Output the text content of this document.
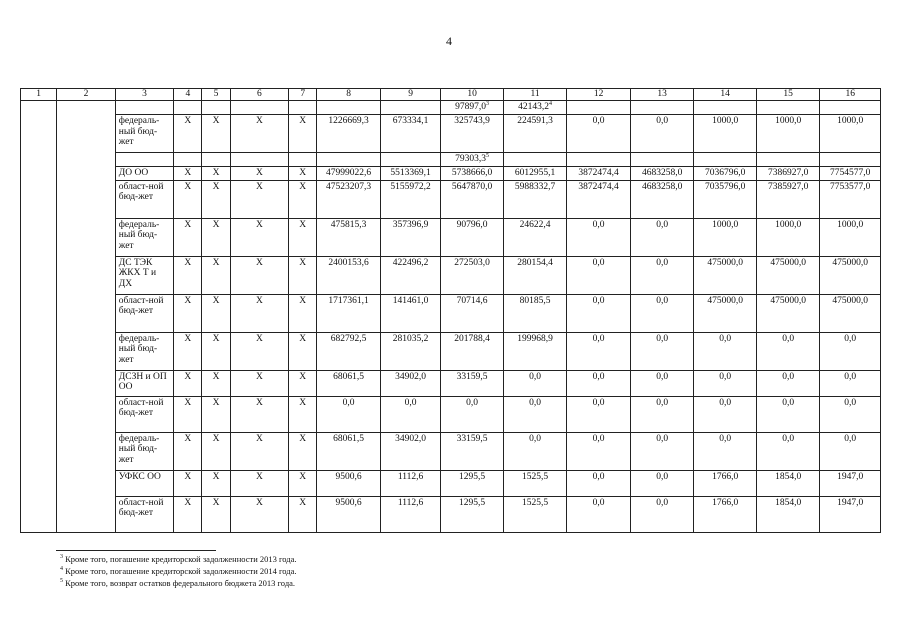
4
1	2	3	4	5	6	7	8	9	10	11	12	13	14	15	16
									97897,0$^3$	42143,2$^4$					
		федераль-ный бюд-жет	X	X	X	X	1226669,3	673334,1	325743,9	224591,3	0,0	0,0	1000,0	1000,0	1000,0
									79303,3$^5$						
		ДО ОО	X	X	X	X	47999022,6	5513369,1	5738666,0	6012955,1	3872474,4	4683258,0	7036796,0	7386927,0	7754577,0
		област-ной бюд-жет	X	X	X	X	47523207,3	5155972,2	5647870,0	5988332,7	3872474,4	4683258,0	7035796,0	7385927,0	7753577,0
		федераль-ный бюд-жет	X	X	X	X	475815,3	357396,9	90796,0	24622,4	0,0	0,0	1000,0	1000,0	1000,0
		ДС ТЭК ЖКХ Т и ДХ	X	X	X	X	2400153,6	422496,2	272503,0	280154,4	0,0	0,0	475000,0	475000,0	475000,0
		област-ной бюд-жет	X	X	X	X	1717361,1	141461,0	70714,6	80185,5	0,0	0,0	475000,0	475000,0	475000,0
		федераль-ный бюд-жет	X	X	X	X	682792,5	281035,2	201788,4	199968,9	0,0	0,0	0,0	0,0	0,0
		ДСЗН и ОП ОО	X	X	X	X	68061,5	34902,0	33159,5	0,0	0,0	0,0	0,0	0,0	0,0
		област-ной бюд-жет	X	X	X	X	0,0	0,0	0,0	0,0	0,0	0,0	0,0	0,0	0,0
		федераль-ный бюд-жет	X	X	X	X	68061,5	34902,0	33159,5	0,0	0,0	0,0	0,0	0,0	0,0
		УФКС ОО	X	X	X	X	9500,6	1112,6	1295,5	1525,5	0,0	0,0	1766,0	1854,0	1947,0
		област-ной бюд-жет	X	X	X	X	9500,6	1112,6	1295,5	1525,5	0,0	0,0	1766,0	1854,0	1947,0
$^3$ Кроме того, погашение кредиторской задолженности 2013 года.
$^4$ Кроме того, погашение кредиторской задолженности 2014 года.
$^5$ Кроме того, возврат остатков федерального бюджета 2013 года.
